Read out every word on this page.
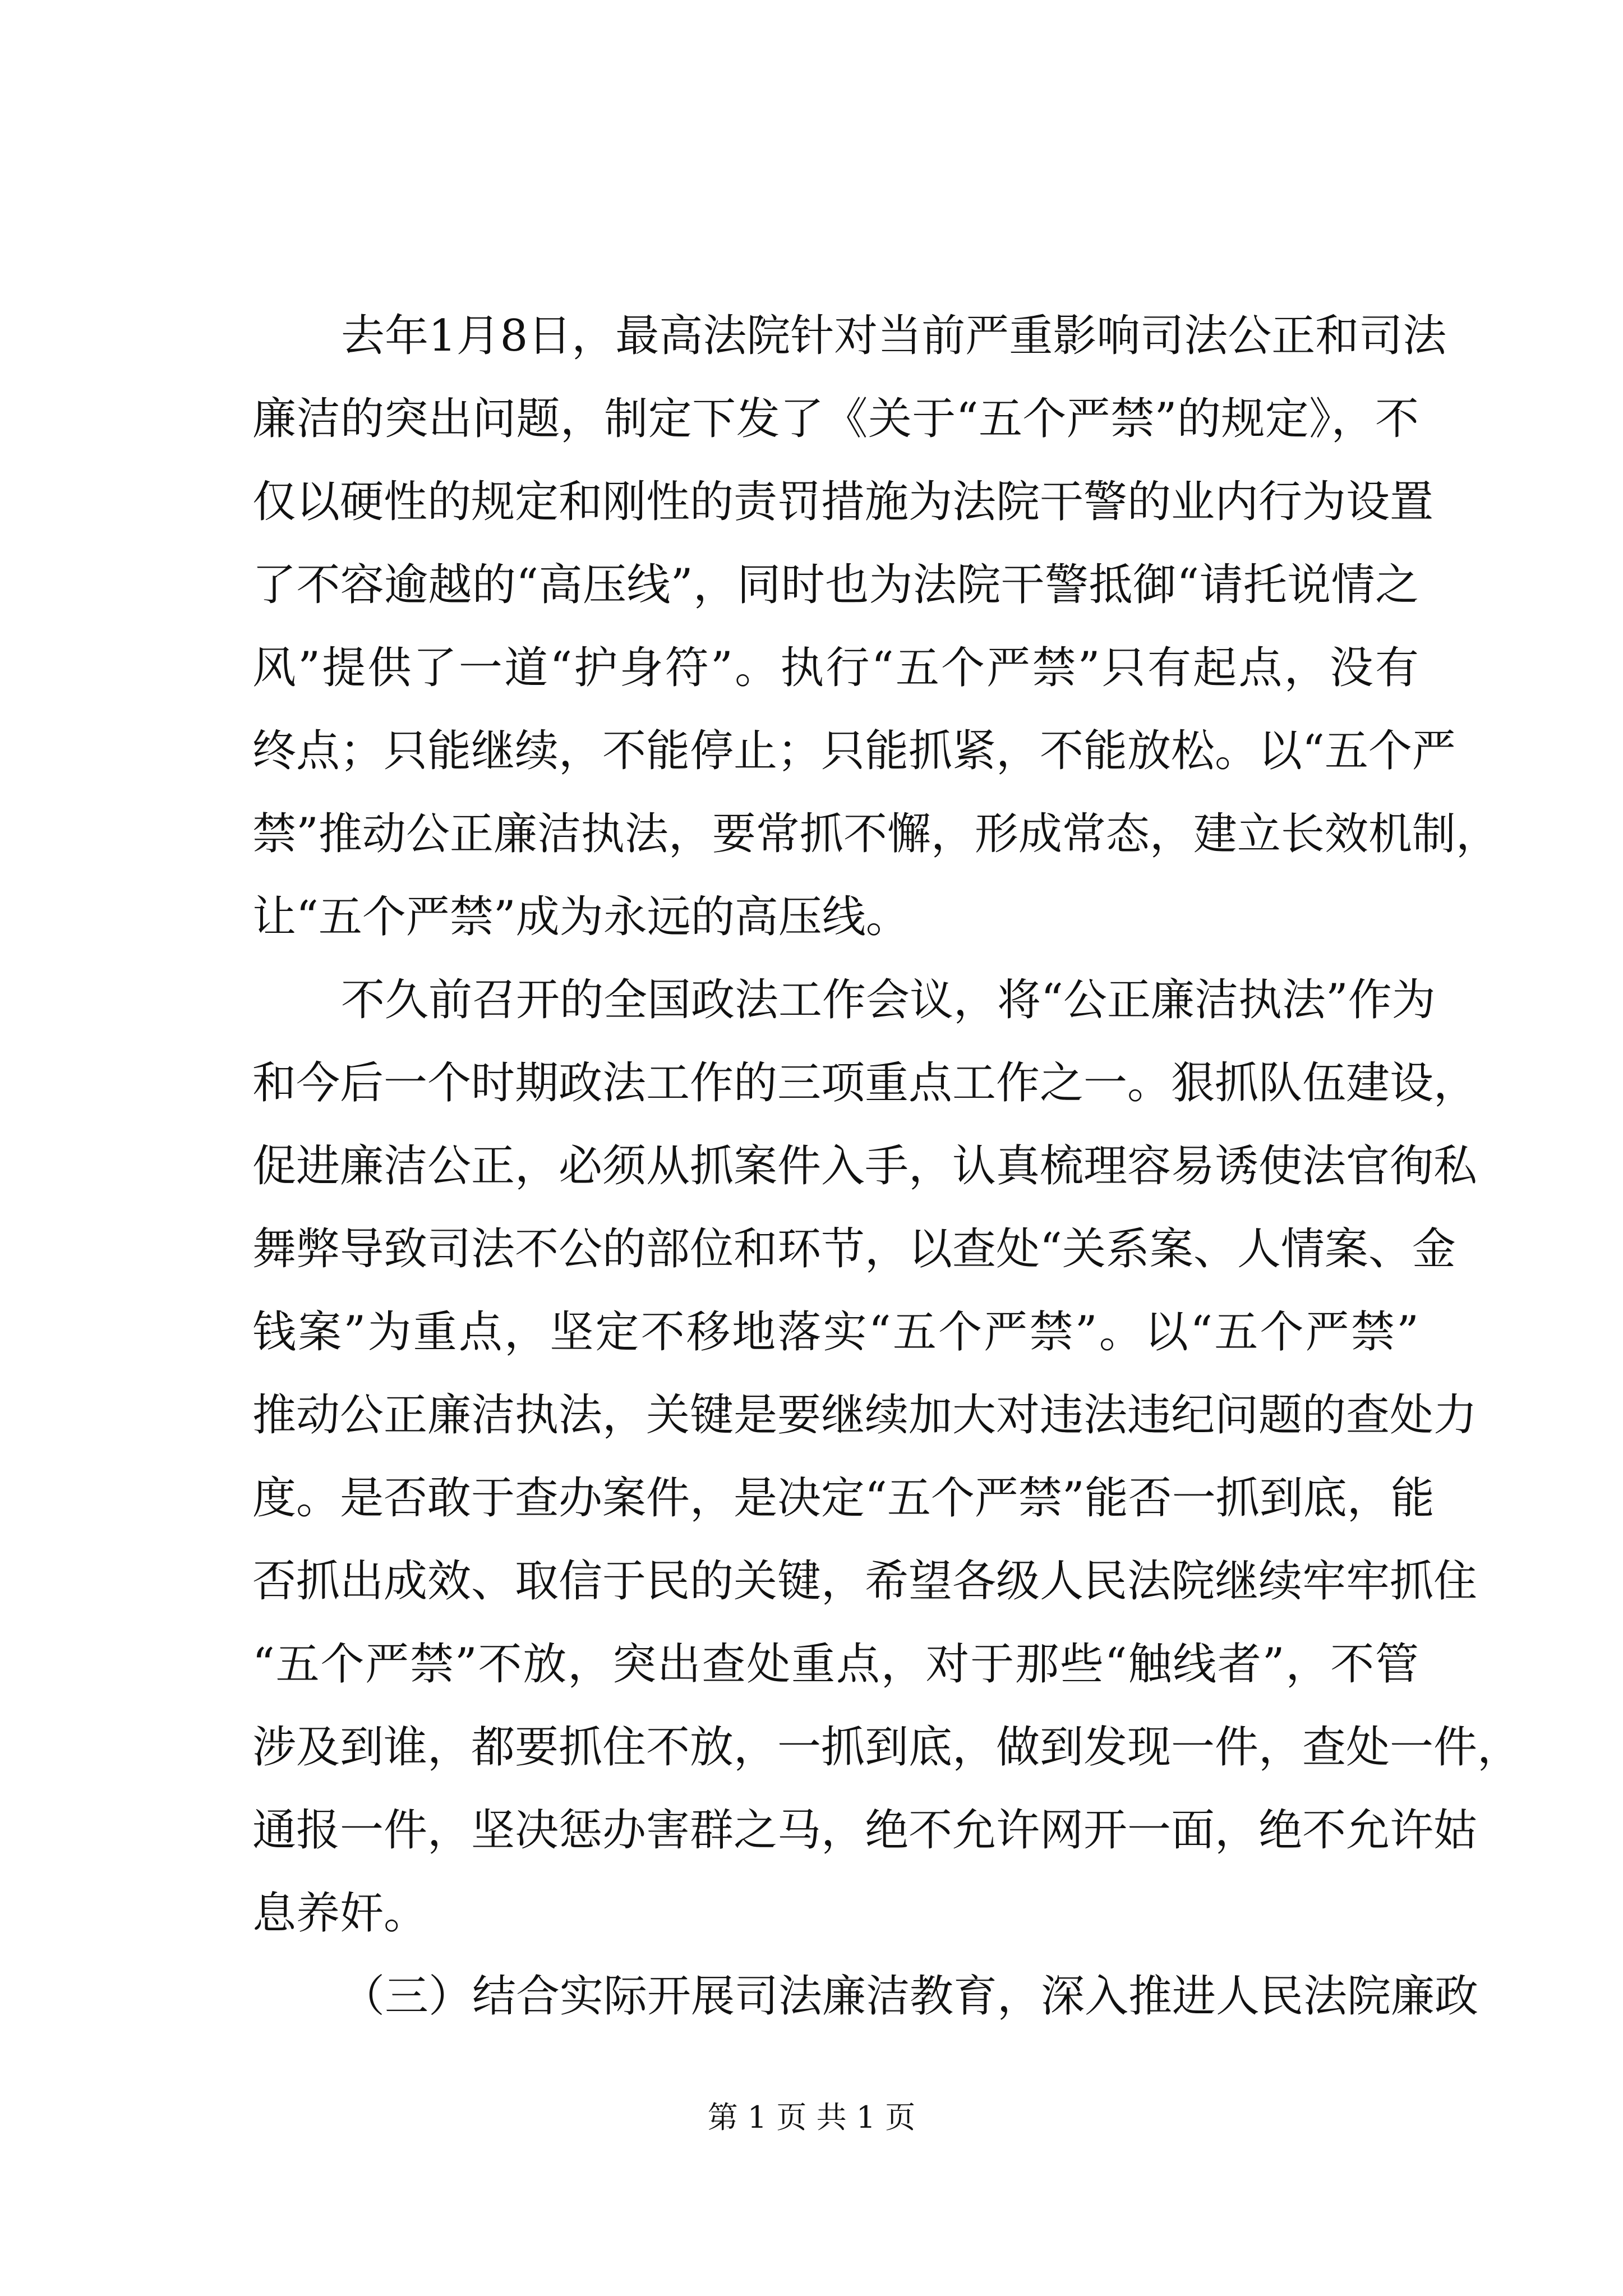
去年1月8日，最高法院针对当前严重影响司法公正和司法
廉洁的突出问题，制定下发了《关于“五个严禁”的规定》，不
仅以硬性的规定和刚性的责罚措施为法院干警的业内行为设置
了不容逾越的“高压线”，同时也为法院干警抵御“请托说情之
风”提供了一道“护身符”。执行“五个严禁”只有起点，没有
终点；只能继续，不能停止；只能抓紧，不能放松。以“五个严
禁”推动公正廉洁执法，要常抓不懈，形成常态，建立长效机制，
让“五个严禁”成为永远的高压线。
不久前召开的全国政法工作会议，将“公正廉洁执法”作为
和今后一个时期政法工作的三项重点工作之一。狠抓队伍建设，
促进廉洁公正，必须从抓案件入手，认真梳理容易诱使法官徇私
舞弊导致司法不公的部位和环节，以查处“关系案、人情案、金
钱案”为重点，坚定不移地落实“五个严禁”。以“五个严禁”
推动公正廉洁执法，关键是要继续加大对违法违纪问题的查处力
度。是否敢于查办案件，是决定“五个严禁”能否一抓到底，能
否抓出成效、取信于民的关键，希望各级人民法院继续牢牢抓住
“五个严禁”不放，突出查处重点，对于那些“触线者”，不管
涉及到谁，都要抓住不放，一抓到底，做到发现一件，查处一件，
通报一件，坚决惩办害群之马，绝不允许网开一面，绝不允许姑
息养奸。
（三）结合实际开展司法廉洁教育，深入推进人民法院廉政
第 1 页 共 1 页
